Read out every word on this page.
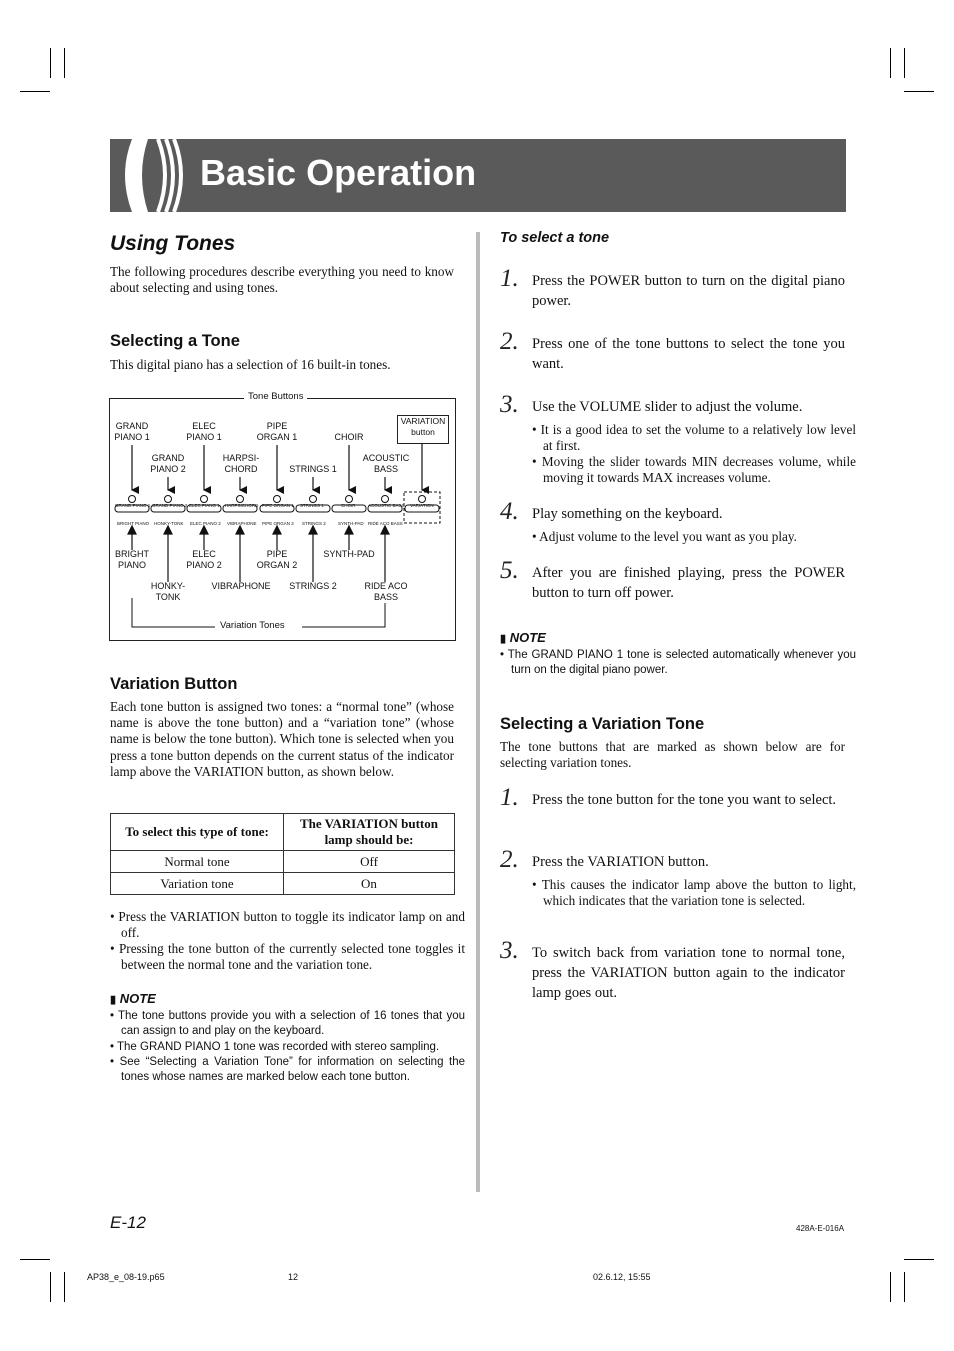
Basic Operation
Using Tones
The following procedures describe everything you need to know about selecting and using tones.
Selecting a Tone
This digital piano has a selection of 16 built-in tones.
Tone Buttons
Variation Tones
GRAND
PIANO 1
ELEC
PIANO 1
PIPE
ORGAN 1	CHOIR
VARIATION
button
GRAND
PIANO 2
HARPSI-
CHORD	STRINGS 1
ACOUSTIC
BASS
GRAND PIANO 1 GRAND PIANO 2 ELEC PIANO 1 HARPSICHORD PIPE ORGAN 1 STRINGS 1	CHOIR	ACOUSTIC BASS VARIATION
BRIGHT PIANO HONKY-TONK ELEC PIANO 2 VIBRAPHONE PIPE ORGAN 2 STRINGS 2	SYNTH-PAD RIDE ACO BASS
BRIGHT
PIANO
ELEC
PIANO 2
PIPE
ORGAN 2
SYNTH-PAD
HONKY-
TONK
VIBRAPHONE	STRINGS 2	RIDE ACO
BASS
Variation Button
Each tone button is assigned two tones: a “normal tone” (whose name is above the tone button) and a “variation tone” (whose name is below the tone button). Which tone is selected when you press a tone button depends on the current status of the indicator lamp above the VARIATION button, as shown below.
To select this type of tone:	The VARIATION button lamp should be:
Normal tone	Off
Variation tone	On
• Press the VARIATION button to toggle its indicator lamp on and off.
• Pressing the tone button of the currently selected tone toggles it between the normal tone and the variation tone.
▮ NOTE
• The tone buttons provide you with a selection of 16 tones that you can assign to and play on the keyboard.
• The GRAND PIANO 1 tone was recorded with stereo sampling.
• See “Selecting a Variation Tone” for information on selecting the tones whose names are marked below each tone button.
E-12
To select a tone
1. Press the POWER button to turn on the digital piano power.
2. Press one of the tone buttons to select the tone you want.
3. Use the VOLUME slider to adjust the volume.
• It is a good idea to set the volume to a relatively low level at first.
• Moving the slider towards MIN decreases volume, while moving it towards MAX increases volume.
4. Play something on the keyboard.
• Adjust volume to the level you want as you play.
5. After you are finished playing, press the POWER button to turn off power.
▮ NOTE
• The GRAND PIANO 1 tone is selected automatically whenever you turn on the digital piano power.
Selecting a Variation Tone
The tone buttons that are marked as shown below are for selecting variation tones.
1. Press the tone button for the tone you want to select.
2. Press the VARIATION button.
• This causes the indicator lamp above the button to light, which indicates that the variation tone is selected.
3. To switch back from variation tone to normal tone, press the VARIATION button again to the indicator lamp goes out.
428A-E-016A
AP38_e_08-19.p65	12	02.6.12, 15:55
